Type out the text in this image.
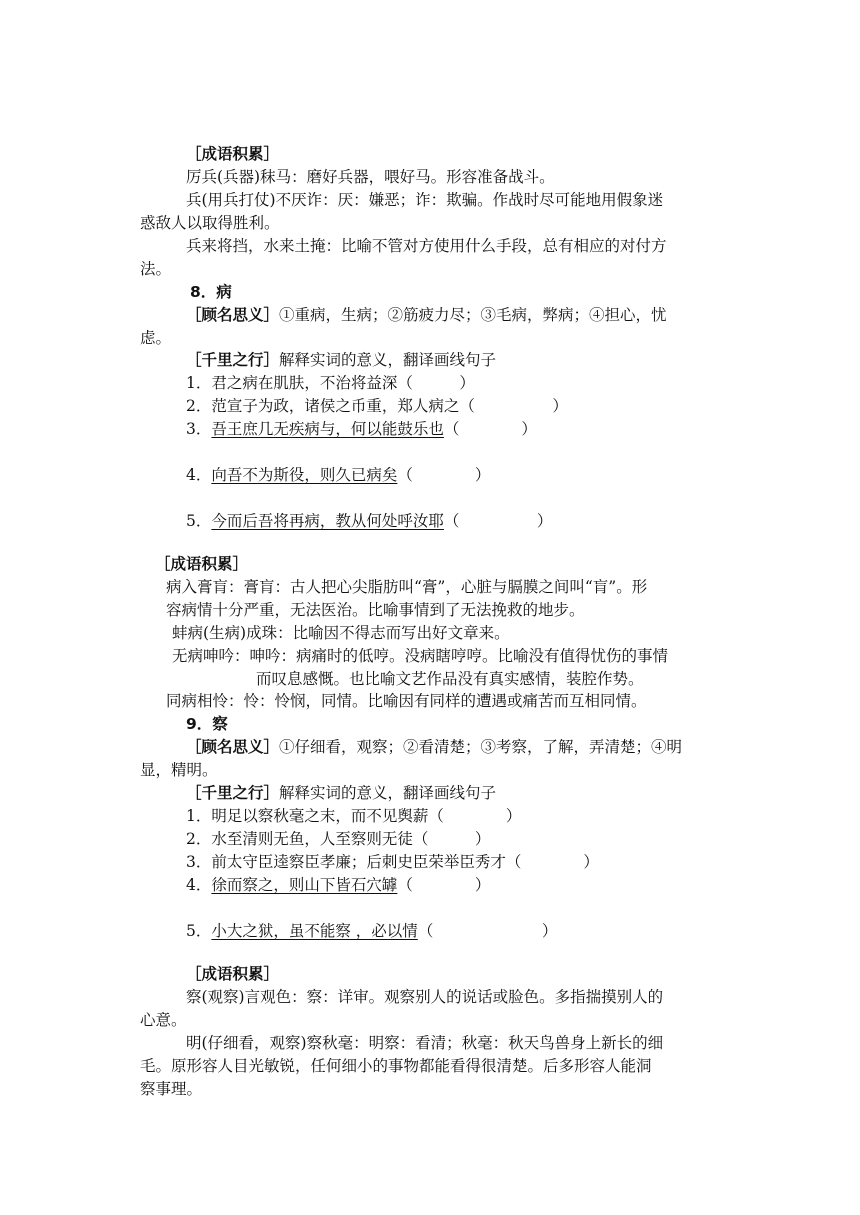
［成语积累］
厉兵(兵器)秣马：磨好兵器，喂好马。形容准备战斗。
兵(用兵打仗)不厌诈：厌：嫌恶；诈：欺骗。作战时尽可能地用假象迷
惑敌人以取得胜利。
兵来将挡，水来土掩：比喻不管对方使用什么手段，总有相应的对付方
法。
8．病
［顾名思义］①重病，生病；②筋疲力尽；③毛病，弊病；④担心，忧
虑。
［千里之行］解释实词的意义，翻译画线句子
1．君之病在肌肤，不治将益深（　　　）
2．范宣子为政，诸侯之币重，郑人病之（　　　　　）
3．吾王庶几无疾病与，何以能鼓乐也（　　　　）
4．向吾不为斯役，则久已病矣（　　　　）
5．今而后吾将再病，教从何处呼汝耶（　　　　　）
［成语积累］
病入膏肓：膏肓：古人把心尖脂肪叫“膏”，心脏与膈膜之间叫“肓”。形
容病情十分严重，无法医治。比喻事情到了无法挽救的地步。
蚌病(生病)成珠：比喻因不得志而写出好文章来。
无病呻吟：呻吟：病痛时的低哼。没病瞎哼哼。比喻没有值得忧伤的事情
而叹息感慨。也比喻文艺作品没有真实感情，装腔作势。
同病相怜：怜：怜悯，同情。比喻因有同样的遭遇或痛苦而互相同情。
9．察
［顾名思义］①仔细看，观察；②看清楚；③考察，了解，弄清楚；④明
显，精明。
［千里之行］解释实词的意义，翻译画线句子
1．明足以察秋毫之末，而不见舆薪（　　　　）
2．水至清则无鱼，人至察则无徒（　　　）
3．前太守臣逵察臣孝廉；后刺史臣荣举臣秀才（　　　　）
4．徐而察之，则山下皆石穴罅（　　　　）
5．小大之狱，虽不能察 ，必以情（　　　　　　　）
［成语积累］
察(观察)言观色：察：详审。观察别人的说话或脸色。多指揣摸别人的
心意。
明(仔细看，观察)察秋毫：明察：看清；秋毫：秋天鸟兽身上新长的细
毛。原形容人目光敏锐，任何细小的事物都能看得很清楚。后多形容人能洞
察事理。
